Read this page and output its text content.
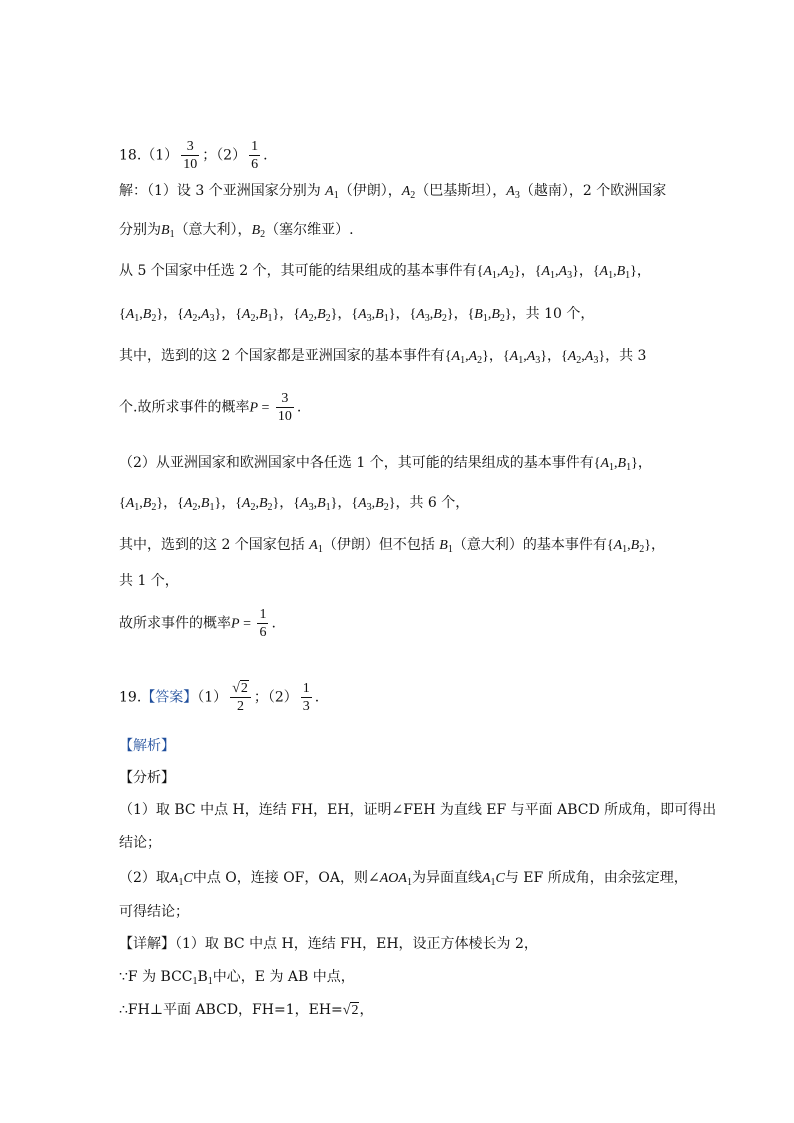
$18.(1) \frac{3}{10}$ ；$(2) \frac{1}{6}$ .
解：（1）设 3 个亚洲国家分别为 $A_1$（伊朗），$A_2$（巴基斯坦），$A_3$（越南），2 个欧洲国家
分别为$B_1$（意大利），$B_2$（塞尔维亚）.
从 5 个国家中任选 2 个，其可能的结果组成的基本事件有$\{A_1,A_2\}$，$\{A_1,A_3\}$，$\{A_1,B_1\}$，
$\{A_1,B_2\}$，$\{A_2,A_3\}$，$\{A_2,B_1\}$，$\{A_2,B_2\}$，$\{A_3,B_1\}$，$\{A_3,B_2\}$，$\{B_1,B_2\}$，共 10 个，
其中，选到的这 2 个国家都是亚洲国家的基本事件有$\{A_1,A_2\}$，$\{A_1,A_3\}$，$\{A_2,A_3\}$，共 3
个.故所求事件的概率$P = \frac{3}{10}$ .
（2）从亚洲国家和欧洲国家中各任选 1 个，其可能的结果组成的基本事件有$\{A_1,B_1\}$，
$\{A_1,B_2\}$，$\{A_2,B_1\}$，$\{A_2,B_2\}$，$\{A_3,B_1\}$，$\{A_3,B_2\}$，共 6 个，
其中，选到的这 2 个国家包括 $A_1$（伊朗）但不包括 $B_1$（意大利）的基本事件有$\{A_1,B_2\}$，
共 1 个，
故所求事件的概率$P = \frac{1}{6}$ .
19.【答案】$(1) \frac{√2}{2}$ ；$(2) \frac{1}{3}$ .
【解析】
【分析】
（1）取 BC 中点 H，连结 FH，EH，证明∠FEH 为直线 EF 与平面 ABCD 所成角，即可得出
结论；
（2）取$A_1C$中点 O，连接 OF，OA，则$\angle AOA_1$为异面直线$A_1C$与 EF 所成角，由余弦定理，
可得结论；
【详解】（1）取 BC 中点 H，连结 FH，EH，设正方体棱长为 2，
∵F 为 $BCC_1B_1$中心，E 为 AB 中点，
∴FH⊥平面 ABCD，FH=1，EH=√2，
